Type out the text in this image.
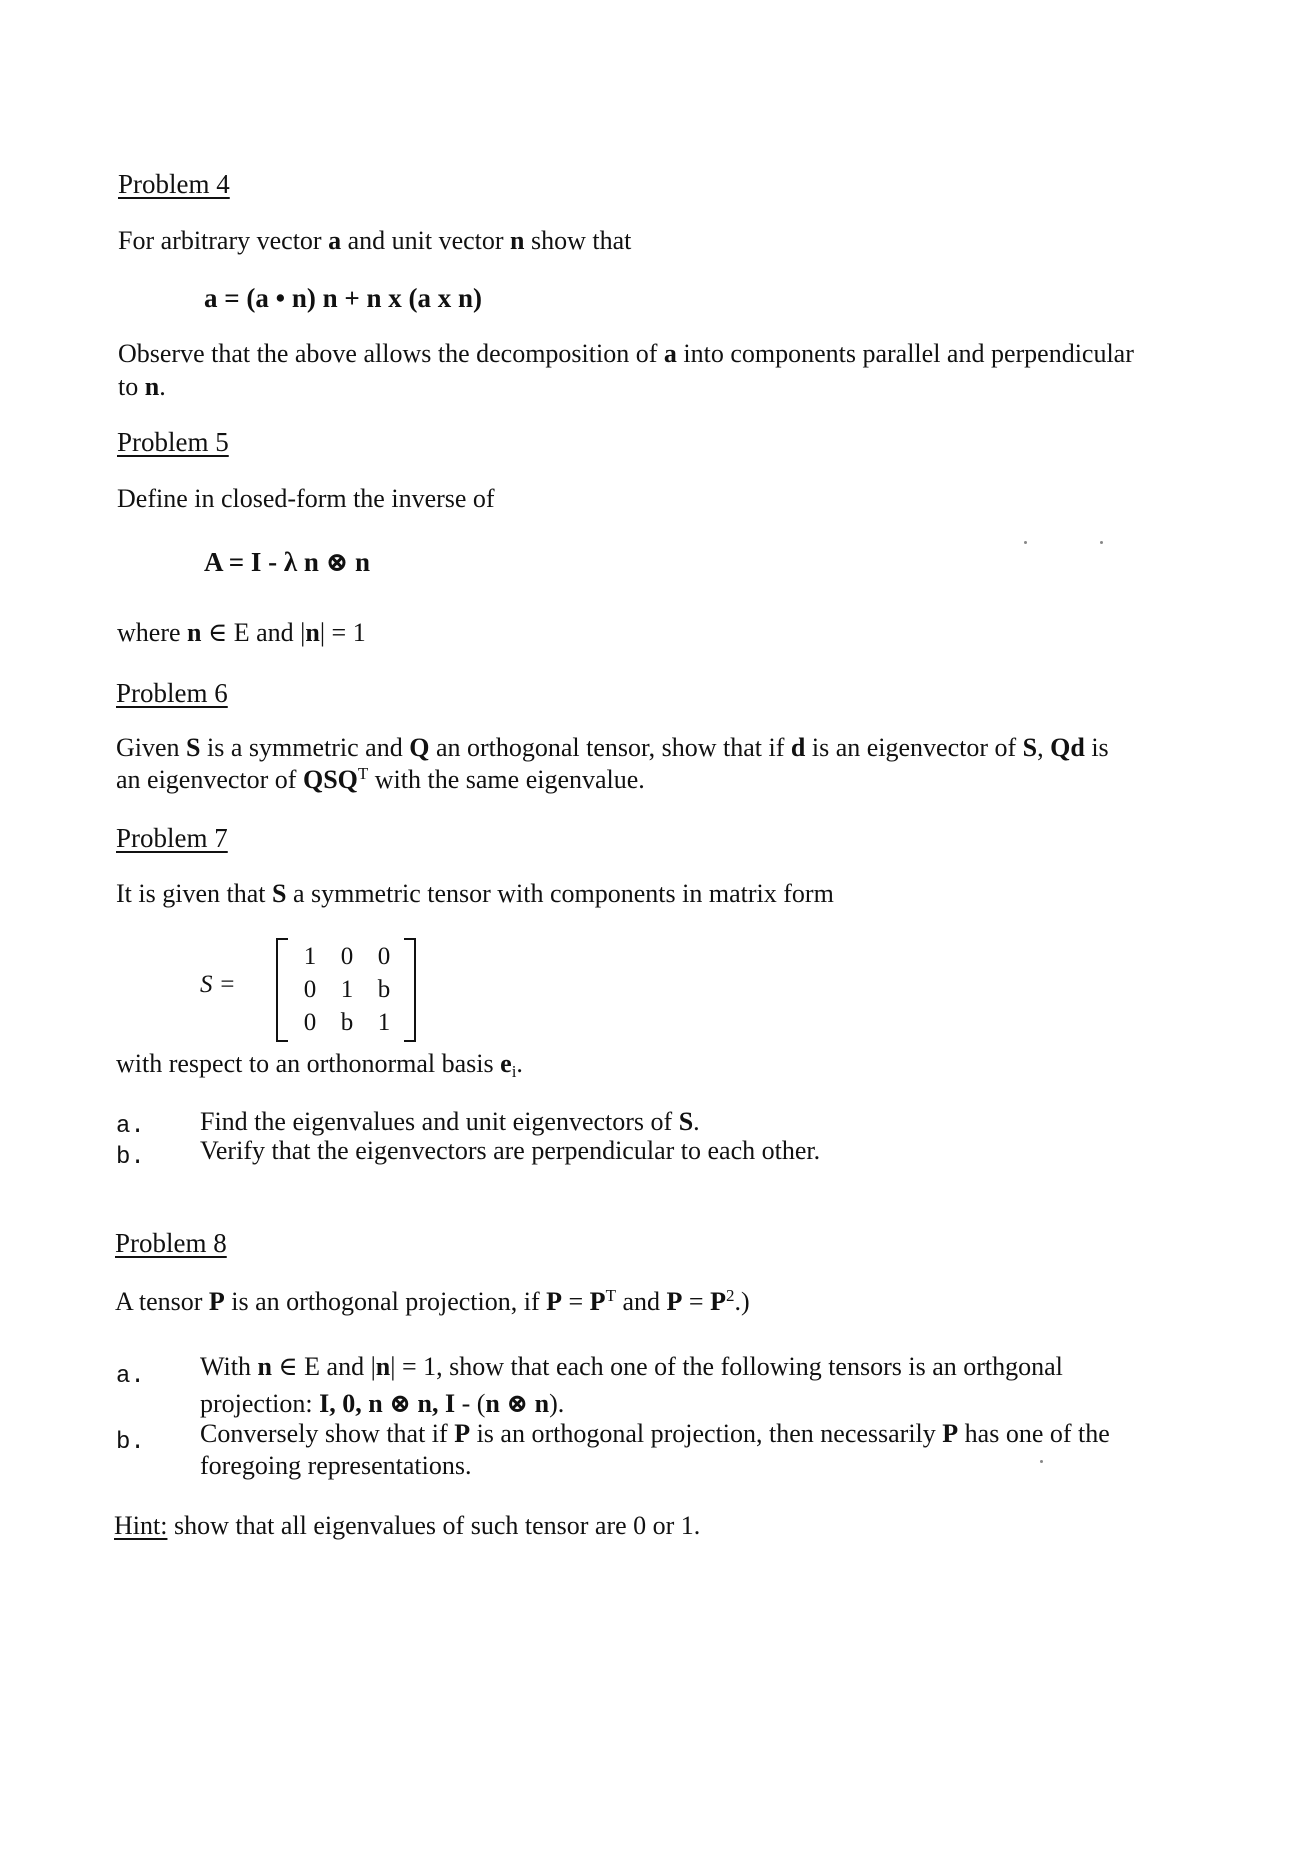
Problem 4
For arbitrary vector a and unit vector n show that
a = (a • n) n + n x (a x n)
Observe that the above allows the decomposition of a into components parallel and perpendicular
to n.
Problem 5
Define in closed-form the inverse of
A = I - λ n ⊗ n
where n ∈ E and |n| = 1
Problem 6
Given S is a symmetric and Q an orthogonal tensor, show that if d is an eigenvector of S, Qd is
an eigenvector of $QSQ^T$ with the same eigenvalue.
Problem 7
It is given that S a symmetric tensor with components in matrix form
S =
1 0 0
0 1 b
0 b 1
with respect to an orthonormal basis $e_i$.
a. Find the eigenvalues and unit eigenvectors of S.
b. Verify that the eigenvectors are perpendicular to each other.
Problem 8
A tensor P is an orthogonal projection, if $P = P^T$ and $P = P^2$.)
a. With n ∈ E and |n| = 1, show that each one of the following tensors is an orthgonal
projection: I, 0, n ⊗ n, I - (n ⊗ n).
b. Conversely show that if P is an orthogonal projection, then necessarily P has one of the
foregoing representations.
Hint: show that all eigenvalues of such tensor are 0 or 1.
